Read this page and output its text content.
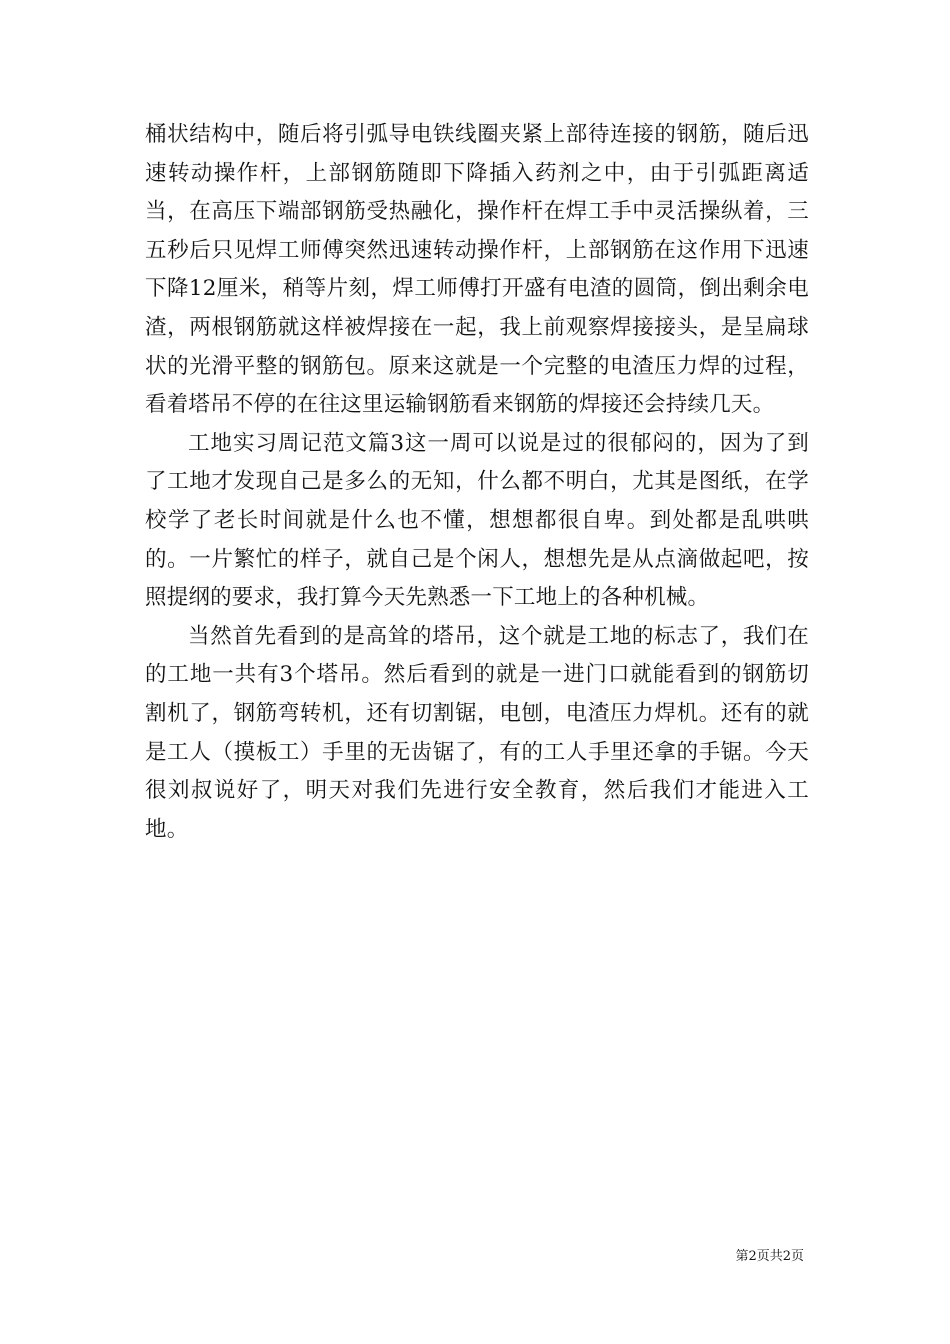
桶状结构中，随后将引弧导电铁线圈夹紧上部待连接的钢筋，随后迅速转动操作杆，上部钢筋随即下降插入药剂之中，由于引弧距离适当，在高压下端部钢筋受热融化，操作杆在焊工手中灵活操纵着，三五秒后只见焊工师傅突然迅速转动操作杆，上部钢筋在这作用下迅速下降12厘米，稍等片刻，焊工师傅打开盛有电渣的圆筒，倒出剩余电渣，两根钢筋就这样被焊接在一起，我上前观察焊接接头，是呈扁球状的光滑平整的钢筋包。原来这就是一个完整的电渣压力焊的过程，看着塔吊不停的在往这里运输钢筋看来钢筋的焊接还会持续几天。

工地实习周记范文篇3这一周可以说是过的很郁闷的，因为了到了工地才发现自己是多么的无知，什么都不明白，尤其是图纸，在学校学了老长时间就是什么也不懂，想想都很自卑。到处都是乱哄哄的。一片繁忙的样子，就自己是个闲人，想想先是从点滴做起吧，按照提纲的要求，我打算今天先熟悉一下工地上的各种机械。

当然首先看到的是高耸的塔吊，这个就是工地的标志了，我们在的工地一共有3个塔吊。然后看到的就是一进门口就能看到的钢筋切割机了，钢筋弯转机，还有切割锯，电刨，电渣压力焊机。还有的就是工人（摸板工）手里的无齿锯了，有的工人手里还拿的手锯。今天很刘叔说好了，明天对我们先进行安全教育，然后我们才能进入工地。

第2页共2页
